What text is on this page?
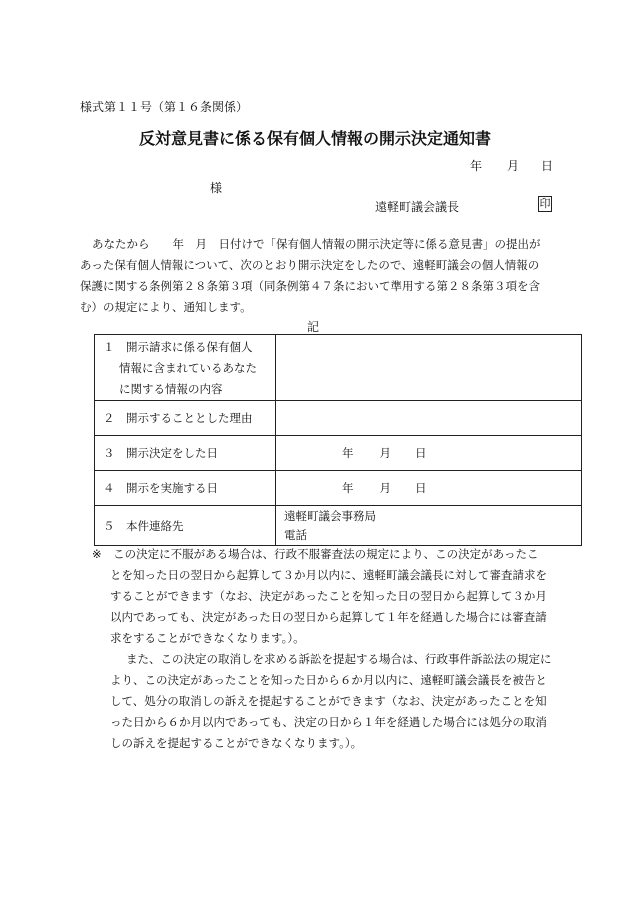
様式第１１号（第１６条関係）
反対意見書に係る保有個人情報の開示決定通知書
年 月 日
様
遠軽町議会議長	印

あなたから　　年　月　日付けで「保有個人情報の開示決定等に係る意見書」の提出が

あった保有個人情報について、次のとおり開示決定をしたので、遠軽町議会の個人情報の

保護に関する条例第２８条第３項（同条例第４７条において準用する第２８条第３項を含

む）の規定により、通知します。

記
１　開示請求に係る保有個人

情報に含まれているあなた
に関する情報の内容	

２　開示することとした理由	
３　開示決定をした日	年 月 日

４　開示を実施する日	年 月 日

５　本件連絡先	遠軽町議会事務局
電話

※　この決定に不服がある場合は、行政不服審査法の規定により、この決定があったこ

とを知った日の翌日から起算して３か月以内に、遠軽町議会議長に対して審査請求を

することができます（なお、決定があったことを知った日の翌日から起算して３か月

以内であっても、決定があった日の翌日から起算して１年を経過した場合には審査請

求をすることができなくなります。）。

また、この決定の取消しを求める訴訟を提起する場合は、行政事件訴訟法の規定に

より、この決定があったことを知った日から６か月以内に、遠軽町議会議長を被告と

して、処分の取消しの訴えを提起することができます（なお、決定があったことを知

った日から６か月以内であっても、決定の日から１年を経過した場合には処分の取消

しの訴えを提起することができなくなります。）。
